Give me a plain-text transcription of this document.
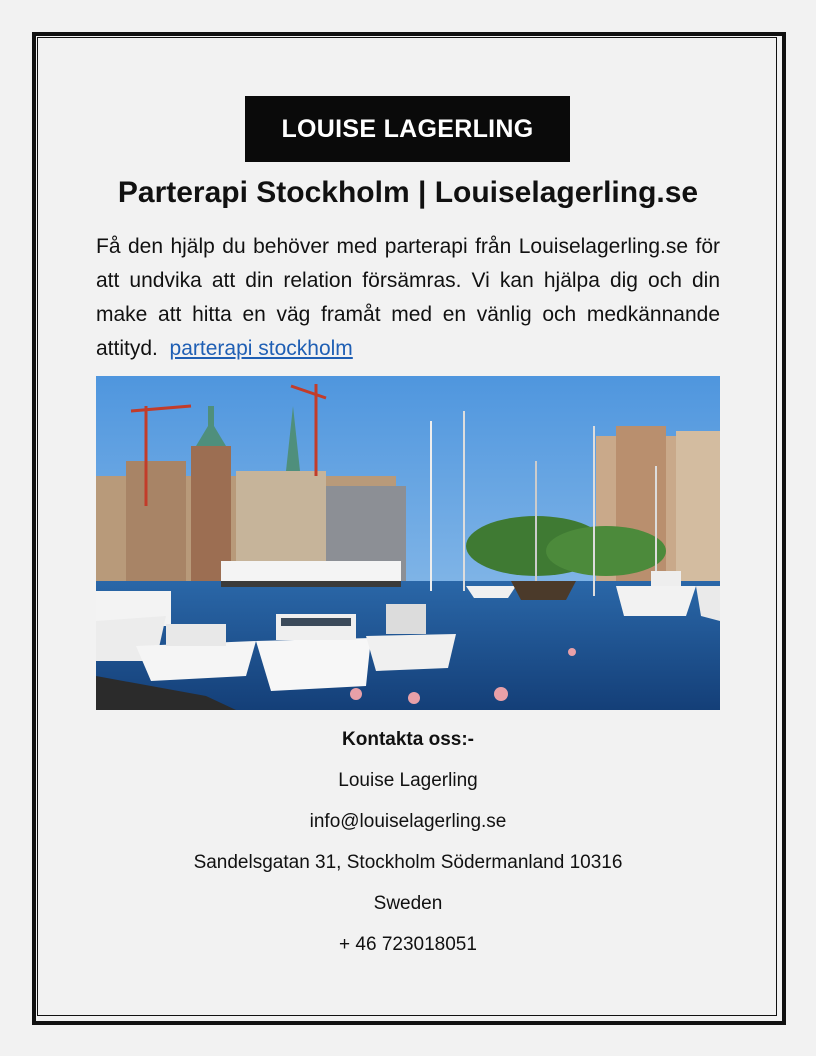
LOUISE LAGERLING
Parterapi Stockholm | Louiselagerling.se

Få den hjälp du behöver med parterapi från Louiselagerling.se för att undvika att din relation försämras. Vi kan hjälpa dig och din make att hitta en väg framåt med en vänlig och medkännande attityd. parterapi stockholm

Kontakta oss:-
Louise Lagerling
info@louiselagerling.se
Sandelsgatan 31, Stockholm Södermanland 10316
Sweden
+ 46 723018051
